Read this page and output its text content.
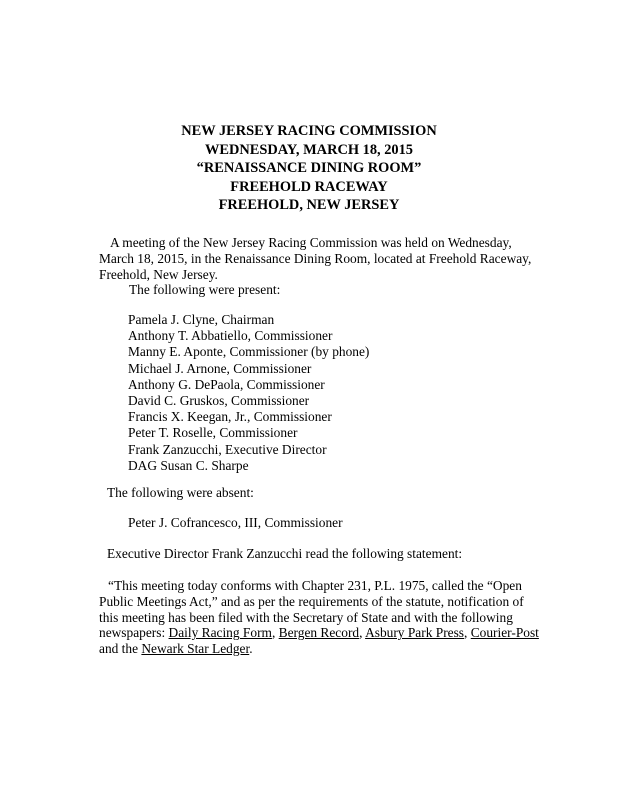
NEW JERSEY RACING COMMISSION
WEDNESDAY, MARCH 18, 2015
“RENAISSANCE DINING ROOM”
FREEHOLD RACEWAY
FREEHOLD, NEW JERSEY
A meeting of the New Jersey Racing Commission was held on Wednesday, March 18, 2015, in the Renaissance Dining Room, located at Freehold Raceway, Freehold, New Jersey.
The following were present:
Pamela J. Clyne, Chairman
Anthony T. Abbatiello, Commissioner
Manny E. Aponte, Commissioner (by phone)
Michael J. Arnone, Commissioner
Anthony G. DePaola, Commissioner
David C. Gruskos, Commissioner
Francis X. Keegan, Jr., Commissioner
Peter T. Roselle, Commissioner
Frank Zanzucchi, Executive Director
DAG Susan C. Sharpe
The following were absent:
Peter J. Cofrancesco, III, Commissioner
Executive Director Frank Zanzucchi read the following statement:
“This meeting today conforms with Chapter 231, P.L. 1975, called the “Open Public Meetings Act,” and as per the requirements of the statute, notification of this meeting has been filed with the Secretary of State and with the following newspapers: Daily Racing Form, Bergen Record, Asbury Park Press, Courier-Post and the Newark Star Ledger.
